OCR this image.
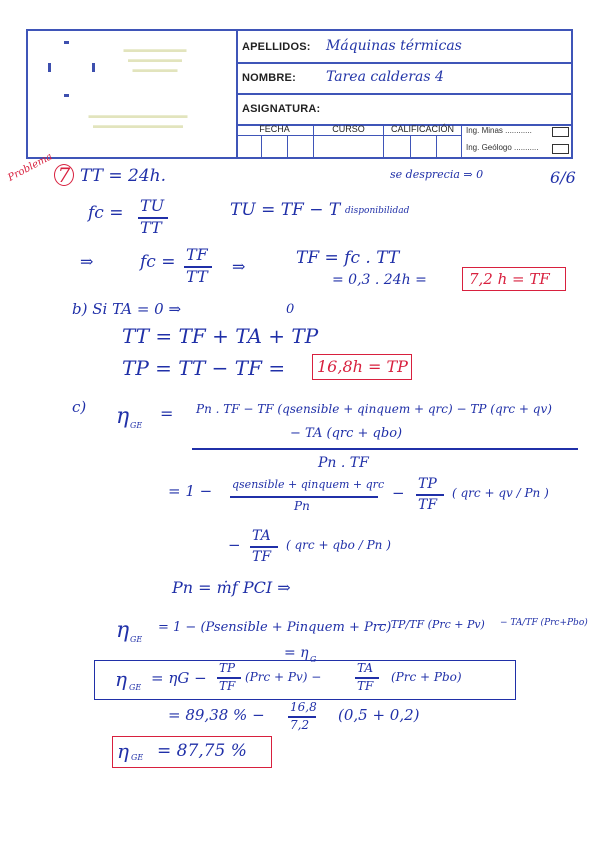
▬▬▬▬▬▬▬
▬▬▬▬▬▬
▬▬▬▬▬
▬▬▬▬▬▬▬▬▬▬▬
▬▬▬▬▬▬▬▬▬▬
APELLIDOS: Máquinas térmicas
NOMBRE: Tarea calderas 4
ASIGNATURA:
FECHA	CURSO	CALIFICACIÓN	Ing. Minas ............
Ing. Geólogo ...........
Problema 7 TT = 24h.	6/6
se desprecia ⇒ 0
fc = TU
TT
TU = TF − T disponibilidad
⇒	fc = TF
TT
⇒	TF = fc . TT
= 0,3 . 24h =	7,2 h = TF
b) Si TA = 0 ⇒	0
TT = TF + TA + TP
TP = TT − TF = 16,8h = TP
c) η GE
= Pn . TF − TF (qsensible + qinquem + qrc) − TP (qrc + qv)
− TA (qrc + qbo)
Pn . TF
= 1 − qsensible + qinquem + qrc
Pn
− TP
TF
( qrc + qv / Pn )
− TA
TF
( qrc + qbo / Pn )
Pn = ṁf PCI ⇒
η GE
= 1 − (Psensible + Pinquem + Prc)
− TP/TF (Prc + Pv) − TA/TF (Prc+Pbo)
= η G
η GE
= ηG −
TP
TF
(Prc + Pv) −
TA
TF
(Prc + Pbo)
= 89,38 % − 16,8
7,2
(0,5 + 0,2)
η GE = 87,75 %
